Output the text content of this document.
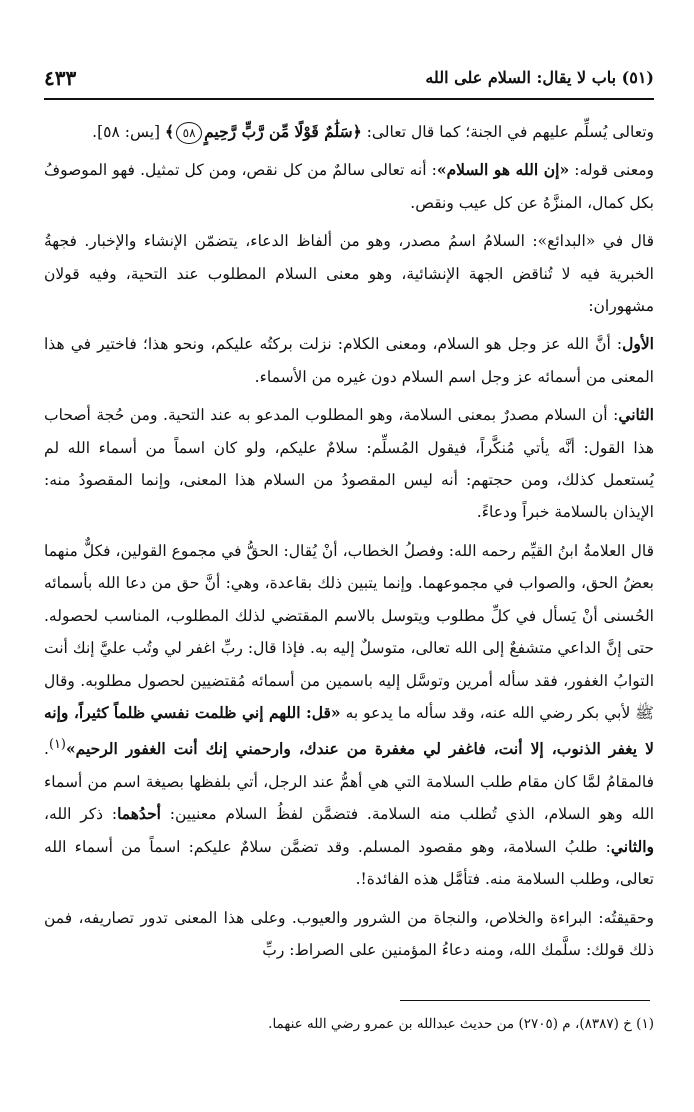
(٥١) باب لا يقال: السلام على الله
٤٣٣

وتعالى يُسلِّم عليهم في الجنة؛ كما قال تعالى: ﴿سَلَٰمٌ قَوْلًا مِّن رَّبٍّ رَّحِيمٍ٥٨﴾ [يس: ٥٨].

ومعنى قوله: «إن الله هو السلام»: أنه تعالى سالمٌ من كل نقص، ومن كل تمثيل. فهو الموصوفُ بكل كمال، المنزَّهُ عن كل عيب ونقص.

قال في «البدائع»: السلامُ اسمُ مصدر، وهو من ألفاظ الدعاء، يتضمّن الإنشاء والإخبار. فجهةُ الخبرية فيه لا تُناقض الجهة الإنشائية، وهو معنى السلام المطلوب عند التحية، وفيه قولان مشهوران:

الأول: أنَّ الله عز وجل هو السلام، ومعنى الكلام: نزلت بركتُه عليكم، ونحو هذا؛ فاختير في هذا المعنى من أسمائه عز وجل اسم السلام دون غيره من الأسماء.

الثاني: أن السلام مصدرٌ بمعنى السلامة، وهو المطلوب المدعو به عند التحية. ومن حُجة أصحاب هذا القول: أنَّه يأتي مُنكَّراً، فيقول المُسلِّم: سلامٌ عليكم، ولو كان اسماً من أسماء الله لم يُستعمل كذلك، ومن حجتهم: أنه ليس المقصودُ من السلام هذا المعنى، وإنما المقصودُ منه: الإيذان بالسلامة خبراً ودعاءً.

قال العلامةُ ابنُ القيِّم رحمه الله: وفصلُ الخطاب، أنْ يُقال: الحقُّ في مجموع القولين، فكلٌّ منهما بعضُ الحق، والصواب في مجموعهما. وإنما يتبين ذلك بقاعدة، وهي: أنَّ حق من دعا الله بأسمائه الحُسنى أنْ يَسأل في كلِّ مطلوب ويتوسل بالاسم المقتضي لذلك المطلوب، المناسب لحصوله. حتى إنَّ الداعي متشفعٌ إلى الله تعالى، متوسلٌ إليه به. فإذا قال: ربِّ اغفر لي وتُب عليَّ إنك أنت التوابُ الغفور، فقد سأله أمرين وتوسَّل إليه باسمين من أسمائه مُقتضيين لحصول مطلوبه. وقال ﷺ لأبي بكر رضي الله عنه، وقد سأله ما يدعو به «قل: اللهم إني ظلمت نفسي ظلماً كثيراً، وإنه لا يغفر الذنوب، إلا أنت، فاغفر لي مغفرة من عندك، وارحمني إنك أنت الغفور الرحيم»$^{(١)}$. فالمقامُ لمَّا كان مقام طلب السلامة التي هي أهمُّ عند الرجل، أتي بلفظها بصيغة اسم من أسماء الله وهو السلام، الذي تُطلب منه السلامة. فتضمَّن لفظُ السلام معنيين: أحدُهما: ذكر الله، والثاني: طلبُ السلامة، وهو مقصود المسلم. وقد تضمَّن سلامٌ عليكم: اسماً من أسماء الله تعالى، وطلب السلامة منه. فتأمَّل هذه الفائدة!.

وحقيقتُه: البراءة والخلاص، والنجاة من الشرور والعيوب. وعلى هذا المعنى تدور تصاريفه، فمن ذلك قولك: سلَّمك الله، ومنه دعاءُ المؤمنين على الصراط: ربِّ

(١) خ (٨٣٨٧)، م (٢٧٠٥) من حديث عبدالله بن عمرو رضي الله عنهما.
